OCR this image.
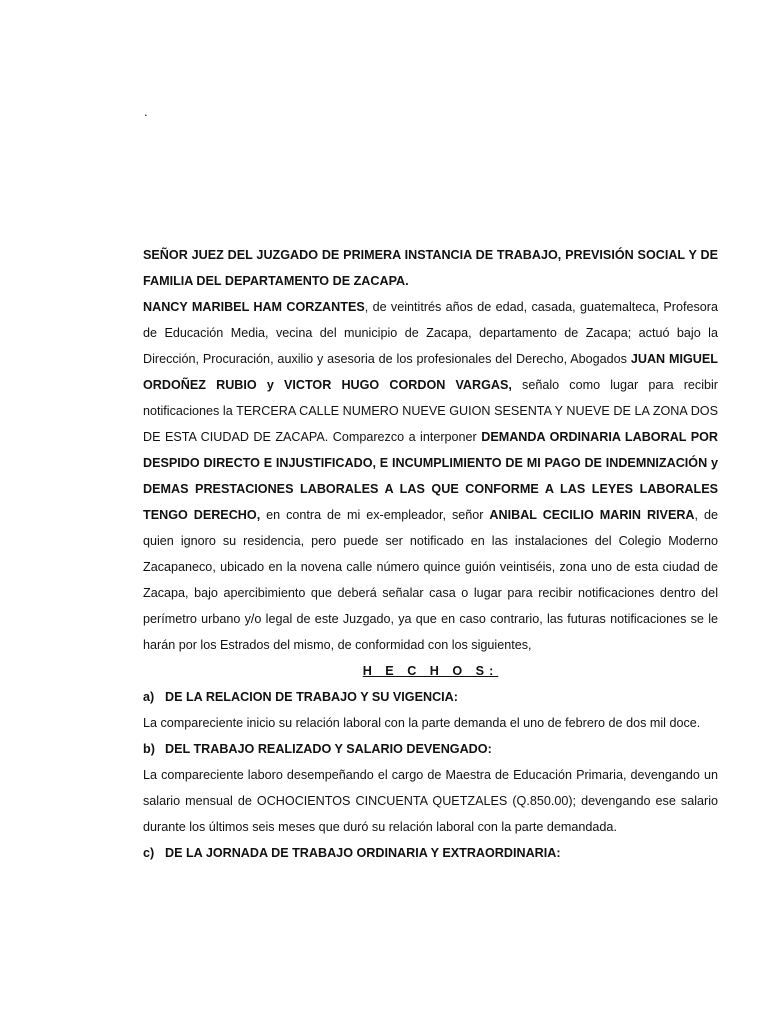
.

SEÑOR JUEZ DEL JUZGADO DE PRIMERA INSTANCIA DE TRABAJO, PREVISIÓN SOCIAL Y DE FAMILIA DEL DEPARTAMENTO DE ZACAPA.

NANCY MARIBEL HAM CORZANTES, de veintitrés años de edad, casada, guatemalteca, Profesora de Educación Media, vecina del municipio de Zacapa, departamento de Zacapa; actuó bajo la Dirección, Procuración, auxilio y asesoria de los profesionales del Derecho, Abogados JUAN MIGUEL ORDOÑEZ RUBIO y VICTOR HUGO CORDON VARGAS, señalo como lugar para recibir notificaciones la TERCERA CALLE NUMERO NUEVE GUION SESENTA Y NUEVE DE LA ZONA DOS DE ESTA CIUDAD DE ZACAPA. Comparezco a interponer DEMANDA ORDINARIA LABORAL POR DESPIDO DIRECTO E INJUSTIFICADO, E INCUMPLIMIENTO DE MI PAGO DE INDEMNIZACIÓN y DEMAS PRESTACIONES LABORALES A LAS QUE CONFORME A LAS LEYES LABORALES TENGO DERECHO, en contra de mi ex-empleador, señor ANIBAL CECILIO MARIN RIVERA, de quien ignoro su residencia, pero puede ser notificado en las instalaciones del Colegio Moderno Zacapaneco, ubicado en la novena calle número quince guión veintiséis, zona uno de esta ciudad de Zacapa, bajo apercibimiento que deberá señalar casa o lugar para recibir notificaciones dentro del perímetro urbano y/o legal de este Juzgado, ya que en caso contrario, las futuras notificaciones se le harán por los Estrados del mismo, de conformidad con los siguientes,

H E C H O S:

a) DE LA RELACION DE TRABAJO Y SU VIGENCIA:

La compareciente inicio su relación laboral con la parte demanda el uno de febrero de dos mil doce.

b) DEL TRABAJO REALIZADO Y SALARIO DEVENGADO:

La compareciente laboro desempeñando el cargo de Maestra de Educación Primaria, devengando un salario mensual de OCHOCIENTOS CINCUENTA QUETZALES (Q.850.00); devengando ese salario durante los últimos seis meses que duró su relación laboral con la parte demandada.

c) DE LA JORNADA DE TRABAJO ORDINARIA Y EXTRAORDINARIA:
